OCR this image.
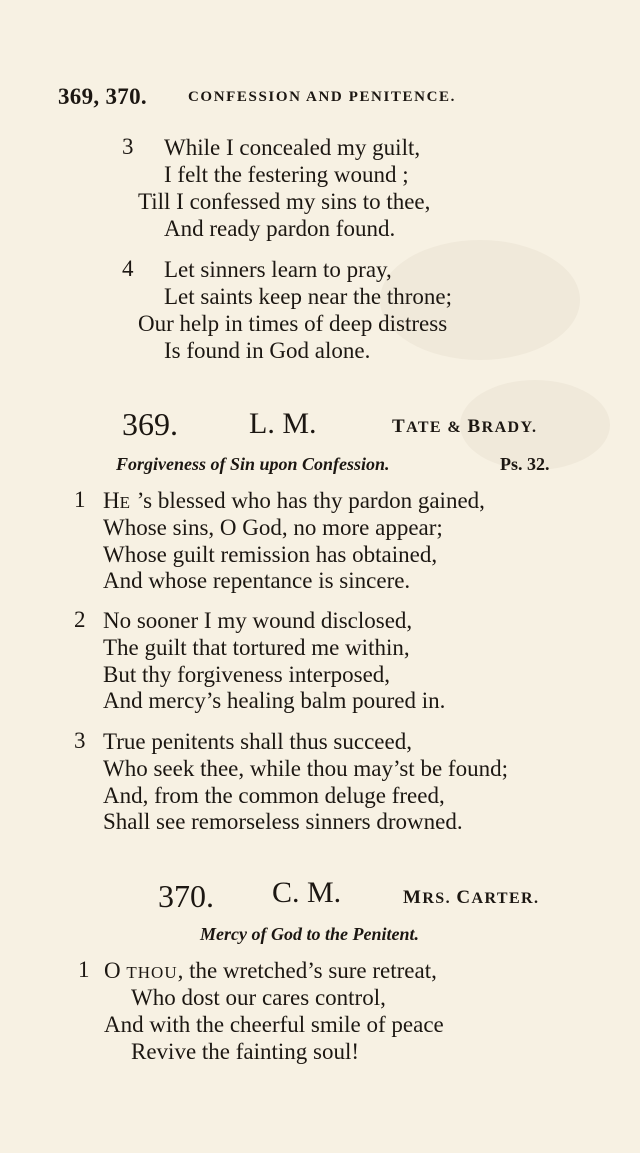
369, 370.	CONFESSION AND PENITENCE.
3 While I concealed my guilt,
I felt the festering wound ;
Till I confessed my sins to thee,
And ready pardon found.
4 Let sinners learn to pray,
Let saints keep near the throne;
Our help in times of deep distress
Is found in God alone.
369. L. M.	TATE & BRADY.
Forgiveness of Sin upon Confession.	Ps. 32.
1 HE ’s blessed who has thy pardon gained,
Whose sins, O God, no more appear;
Whose guilt remission has obtained,
And whose repentance is sincere.
2 No sooner I my wound disclosed,
The guilt that tortured me within,
But thy forgiveness interposed,
And mercy’s healing balm poured in.
3 True penitents shall thus succeed,
Who seek thee, while thou may’st be found;
And, from the common deluge freed,
Shall see remorseless sinners drowned.
370. C. M.	MRS. CARTER.
Mercy of God to the Penitent.
1 O THOU, the wretched’s sure retreat,
Who dost our cares control,
And with the cheerful smile of peace
Revive the fainting soul!
